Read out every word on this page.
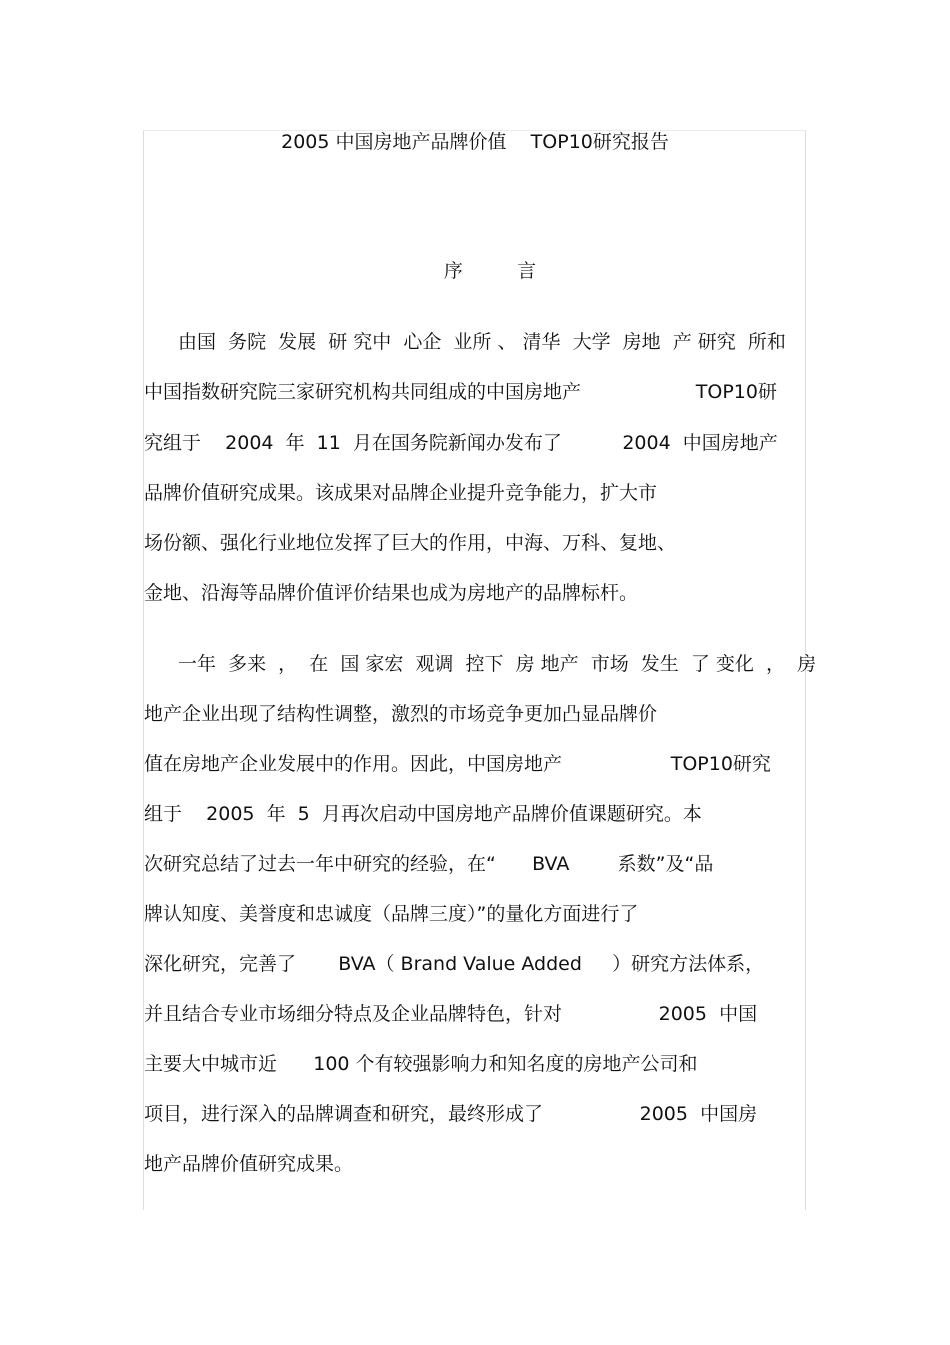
2005 中国房地产品牌价值    TOP10研究报告
序         言
由国  务院  发展  研 究中  心企  业所 、 清华  大学  房地  产 研究  所和
中国指数研究院三家研究机构共同组成的中国房地产                   TOP10研
究组于    2004  年  11  月在国务院新闻办发布了          2004  中国房地产
品牌价值研究成果。该成果对品牌企业提升竞争能力，扩大市
场份额、强化行业地位发挥了巨大的作用，中海、万科、复地、
金地、沿海等品牌价值评价结果也成为房地产的品牌标杆。
一年  多来  ，  在  国 家宏  观调  控下  房 地产  市场  发生  了 变化  ，  房
地产企业出现了结构性调整，激烈的市场竞争更加凸显品牌价
值在房地产企业发展中的作用。因此，中国房地产                  TOP10研究
组于    2005  年  5  月再次启动中国房地产品牌价值课题研究。本
次研究总结了过去一年中研究的经验，在“      BVA        系数”及“品
牌认知度、美誉度和忠诚度（品牌三度）”的量化方面进行了
深化研究，完善了       BVA（ Brand Value Added     ）研究方法体系，
并且结合专业市场细分特点及企业品牌特色，针对                2005  中国
主要大中城市近      100 个有较强影响力和知名度的房地产公司和
项目，进行深入的品牌调查和研究，最终形成了                2005  中国房
地产品牌价值研究成果。
